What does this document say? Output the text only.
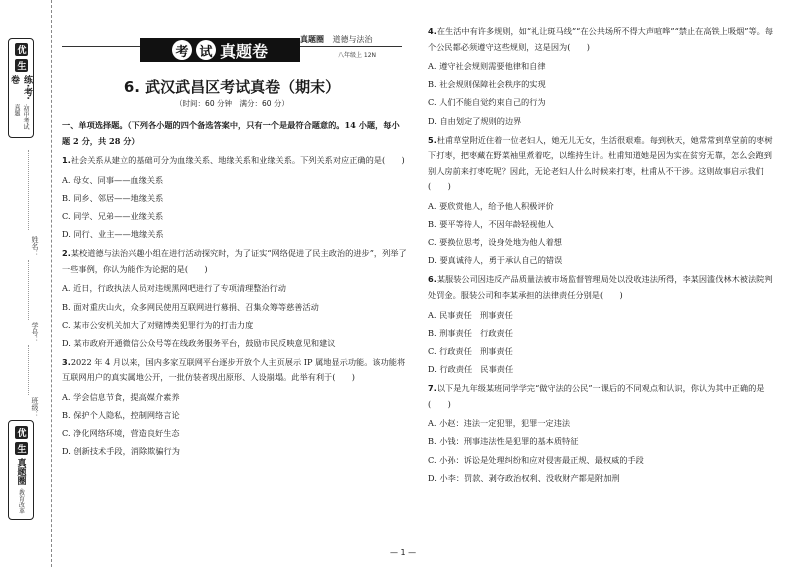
优
生
练·考·卷
·初中考试真题
姓名：
学号：
班级：
优
生
真题圈
·教育改革
考 试 真题卷
真题圈 道德与法治
八年级上 12N
6. 武汉武昌区考试真卷（期末）
（时间：60 分钟　满分：60 分）
一、单项选择题。（下列各小题的四个备选答案中，只有一个是最符合题意的。14 小题，每小题 2 分，共 28 分）
1.社会关系从建立的基础可分为血缘关系、地缘关系和业缘关系。下列关系对应正确的是(　　)
A. 母女、同事——血缘关系
B. 同乡、邻居——地缘关系
C. 同学、兄弟——业缘关系
D. 同行、业主——地缘关系
2.某校道德与法治兴趣小组在进行活动探究时，为了证实“网络促进了民主政治的进步”，列举了一些事例，你认为能作为论据的是(　　)
A. 近日，行政执法人员对违规黑网吧进行了专项清理整治行动
B. 面对重庆山火，众多网民使用互联网进行募捐、召集众筹等慈善活动
C. 某市公安机关加大了对赌博类犯罪行为的打击力度
D. 某市政府开通微信公众号等在线政务服务平台，鼓励市民反映意见和建议
3.2022 年 4 月以来，国内多家互联网平台逐步开放个人主页展示 IP 属地显示功能。该功能将互联网用户的真实属地公开，一批仿装者现出原形、人设崩塌。此举有利于(　　)
A. 学会信息节食，提高媒介素养
B. 保护个人隐私，控制网络言论
C. 净化网络环境，营造良好生态
D. 创新技术手段，消除欺骗行为
4.在生活中有许多规则，如“礼让斑马线”“在公共场所不得大声喧哗”“禁止在高铁上吸烟”等。每个公民都必须遵守这些规则，这是因为(　　)
A. 遵守社会规则需要他律和自律
B. 社会规则保障社会秩序的实现
C. 人们不能自觉约束自己的行为
D. 自由划定了规则的边界
5.杜甫草堂附近住着一位老妇人，她无儿无女，生活很艰难。每到秋天，她常常到草堂前的枣树下打枣，把枣藏在野菜袖里煮着吃，以维持生计。杜甫知道她是因为实在贫穷无靠，怎么会跑到别人房前来打枣吃呢？因此，无论老妇人什么时候来打枣，杜甫从不干涉。这则故事启示我们(　　)
A. 要欣赏他人，给予他人积极评价
B. 要平等待人，不因年龄轻视他人
C. 要换位思考，设身处地为他人着想
D. 要真诚待人，勇于承认自己的错误
6.某服装公司因违反产品质量法被市场监督管理局处以没收违法所得，李某因滥伐林木被法院判处罚金。服装公司和李某承担的法律责任分别是(　　)
A. 民事责任　刑事责任
B. 刑事责任　行政责任
C. 行政责任　刑事责任
D. 行政责任　民事责任
7.以下是九年级某班同学学完“做守法的公民”一课后的不同观点和认识，你认为其中正确的是(　　)
A. 小赵：违法一定犯罪，犯罪一定违法
B. 小钱：刑事违法性是犯罪的基本质特征
C. 小孙：诉讼是处理纠纷和应对侵害最正规、最权威的手段
D. 小李：罚款、剥夺政治权利、没收财产都是附加刑
— 1 —
